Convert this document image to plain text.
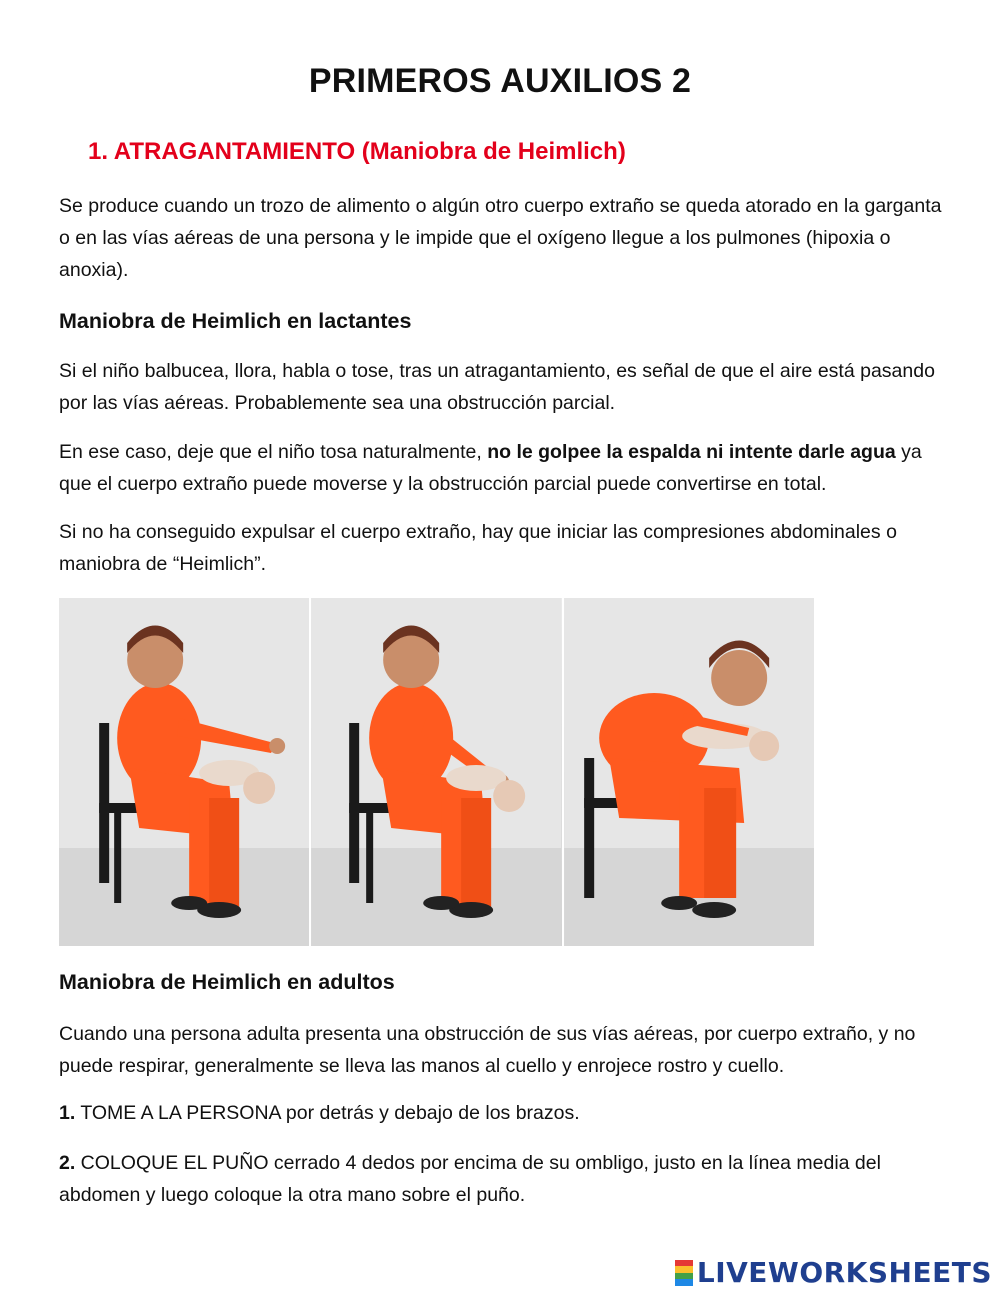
PRIMEROS AUXILIOS 2
1. ATRAGANTAMIENTO (Maniobra de Heimlich)

Se produce cuando un trozo de alimento o algún otro cuerpo extraño se queda atorado en la garganta o en las vías aéreas de una persona y le impide que el oxígeno llegue a los pulmones (hipoxia o anoxia).

Maniobra de Heimlich en lactantes

Si el niño balbucea, llora, habla o tose, tras un atragantamiento, es señal de que el aire está pasando por las vías aéreas. Probablemente sea una obstrucción parcial.

En ese caso, deje que el niño tosa naturalmente, no le golpee la espalda ni intente darle agua ya que el cuerpo extraño puede moverse y la obstrucción parcial puede convertirse en total.

Si no ha conseguido expulsar el cuerpo extraño, hay que iniciar las compresiones abdominales o maniobra de “Heimlich”.

Maniobra de Heimlich en adultos

Cuando una persona adulta presenta una obstrucción de sus vías aéreas, por cuerpo extraño, y no puede respirar, generalmente se lleva las manos al cuello y enrojece rostro y cuello.

1. TOME A LA PERSONA por detrás y debajo de los brazos.

2. COLOQUE EL PUÑO cerrado 4 dedos por encima de su ombligo, justo en la línea media del abdomen y luego coloque la otra mano sobre el puño.

LIVEWORKSHEETS
